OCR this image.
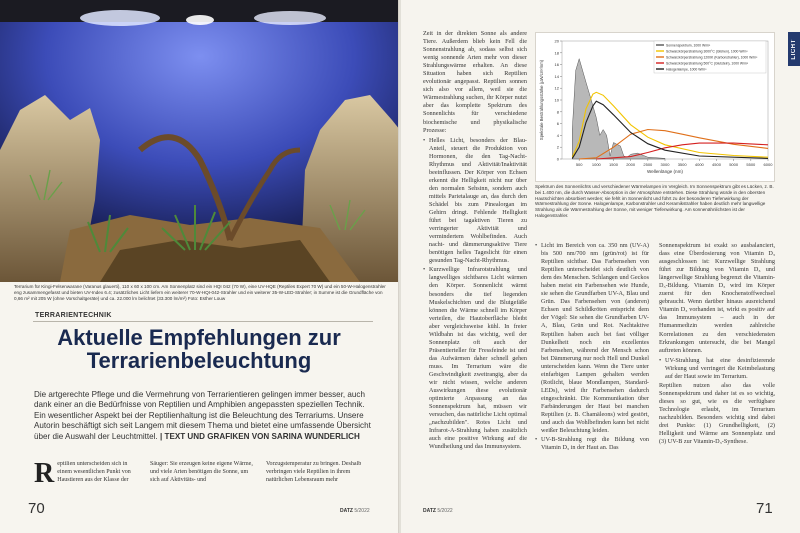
Terrarium für Kingi-Felsenwarane (Varanus glauerti), 110 x 60 x 100 cm. Am Sonnenplatz sind ein HQI 042 (70 W), eine UV-HQE (Reptiles Expert 70 W) und ein 50-W-Halogenstrahler eng zusammengefasst und bieten UV-Index 6.4; zusätzliches Licht liefern ein weiterer 70-W-HQI-042-Strahler und ein weiterer 35-W-LED-Strahler; in Summe ist die Grundfläche von 0,66 m² mit 205 W (ohne Vorschaltgeräte) und ca. 22.000 lm belichtet (33.300 lm/m²) Foto: Esther Louw
TERRARIENTECHNIK
Aktuelle Empfehlungen zur Terrarienbeleuchtung

Die artgerechte Pflege und die Vermehrung von Terrarientieren gelingen immer besser, auch dank einer an die Bedürfnisse von Reptilien und Amphibien angepassten speziellen Technik. Ein wesentlicher Aspekt bei der Reptilienhaltung ist die Beleuchtung des Terrariums. Unsere Autorin beschäftigt sich seit Langem mit diesem Thema und bietet eine umfassende Übersicht über die Auswahl der Leuchtmittel. | TEXT UND GRAFIKEN VON SARINA WUNDERLICH

R eptilien unterscheiden sich in einem wesentlichen Punkt von Haustieren aus der Klasse der
Säuger: Sie erzeugen keine eigene Wärme, und viele Arten benötigen die Sonne, um sich auf Aktivitäts- und
Vorzugstemperatur zu bringen. Deshalb verbringen viele Reptilien in ihrem natürlichen Lebensraum mehr
70	DATZ 5/2022
LICHT

Zeit in der direkten Sonne als andere Tiere. Außerdem blieb kein Fell die Sonnenstrahlung ab, sodass selbst sich wenig sonnende Arten mehr von dieser Strahlungswärme erhalten. An diese Situation haben sich Reptilien evolutionär angepasst. Reptilien sonnen sich also vor allem, weil sie die Wärmestrahlung suchen, ihr Körper nutzt aber das komplette Spektrum des Sonnenlichts für verschiedene biochemische und physikalische Prozesse:

• Helles Licht, besonders der Blau-Anteil, steuert die Produktion von Hormonen, die den Tag-Nacht-Rhythmus und Aktivität/Inaktivität beeinflussen. Der Körper von Echsen erkennt die Helligkeit nicht nur über den normalen Sehsinn, sondern auch mittels Parietalauge an, das durch den Schädel bis zum Pinealorgan im Gehirn dringt. Fehlende Helligkeit führt bei tagaktiven Tieren zu verringerter Aktivität und vermindertem Wohlbefinden. Auch nacht- und dämmerungsaktive Tiere benötigen helles Tageslicht für einen gesunden Tag-Nacht-Rhythmus.
• Kurzwellige Infrarotstrahlung und langwelliges sichtbares Licht wärmen den Körper. Sonnenlicht wärmt besonders die tief liegenden Muskelschichten und die Blutgefäße können die Wärme schnell im Körper verteilen, die Hautoberfläche bleibt aber vergleichsweise kühl. In freier Wildbahn ist das wichtig, weil der Sonnenplatz oft auch der Präsentierteller für Fressfeinde ist und das Aufwärmen daher schnell gehen muss. Im Terrarium wäre die Geschwindigkeit zweitrangig, aber da wir nicht wissen, welche anderen Auswirkungen diese evolutionär optimierte Anpassung an das Sonnenspektrum hat, müssen wir versuchen, das natürliche Licht optimal „nachzubilden". Rotes Licht und Infrarot-A-Strahlung haben zusätzlich auch eine positive Wirkung auf die Wundheilung und das Immunsystem.
0
2
4
6
8
10
12
14
16
18
20
500 1000 1500 2000 2500 3000 3500 4000 4500 5000 5500 6000
Wellenlänge (nm)
Spektrale Bestrahlungsstärke (µW/cm²/nm)
Sonnenspektrum, 1000 W/m²
Schwarzkörperstrahlung 3000°C (Glühen), 1000 W/m²
Schwarzkörperstrahlung 1200K (Karbonstrahler), 1000 W/m²
Schwarzkörperstrahlung 500°C (Glutstein), 1000 W/m²
Halogenlampe, 1000 W/m²
Spektrum des Sonnenlichts und verschiedener Wärmelampen im Vergleich. Im Sonnenspektrum gibt es Lücken, z. B. bei 1.400 nm, die durch Wasser-Absorption in der Atmosphäre entstehen. Diese Strahlung würde in den obersten Hautschichten absorbiert werden; sie fehlt im Sonnenlicht und führt zu der besonderen Tiefenwirkung der Wärmestrahlung der Sonne. Halogenlampe, Karbonstrahler und Keramikstrahler haben deutlich mehr langwellige Strahlung als die Wärmestrahlung der Sonne, mit weniger Tiefenwirkung. Am sonnenähnlichsten ist der Halogenstrahler.
• Licht im Bereich von ca. 350 nm (UV-A) bis 500 nm/700 nm (grün/rot) ist für Reptilien sichtbar. Das Farbensehen von Reptilien unterscheidet sich deutlich von dem des Menschen. Schlangen und Geckos haben meist ein Farbensehen wie Hunde, sie sehen die Grundfarben UV-A, Blau und Grün. Das Farbensehen von (anderen) Echsen und Schildkröten entspricht dem der Vögel: Sie sehen die Grundfarben UV-A, Blau, Grün und Rot. Nachtaktive Reptilien haben auch bei fast völliger Dunkelheit noch ein exzellentes Farbensehen, während der Mensch schon bei Dämmerung nur noch Hell und Dunkel unterscheiden kann. Wenn die Tiere unter einfarbigen Lampen gehalten werden (Rotlicht, blaue Mondlampen, Standard-LEDs), wird ihr Farbensehen dadurch eingeschränkt. Die Kommunikation über Farbänderungen der Haut bei manchen Reptilien (z. B. Chamäleons) wird gestört, und auch das Wohlbefinden kann bei nicht weißer Beleuchtung leiden.
• UV-B-Strahlung regt die Bildung von Vitamin D₃ in der Haut an. Das

Sonnenspektrum ist exakt so ausbalanciert, dass eine Überdosierung von Vitamin D₃ ausgeschlossen ist: Kurzwellige Strahlung führt zur Bildung von Vitamin D₃ und längerwellige Strahlung begrenzt die Vitamin-D₃-Bildung. Vitamin D₃ wird im Körper zuerst für den Knochenstoffwechsel gebraucht. Wenn darüber hinaus ausreichend Vitamin D₃ vorhanden ist, wirkt es positiv auf das Immunsystem – auch in der Humanmedizin werden zahlreiche Korrelationen zu den verschiedensten Erkrankungen untersucht, die bei Mangel auftreten können.

• UV-Strahlung hat eine desinfizierende Wirkung und verringert die Keimbelastung auf der Haut sowie im Terrarium.

Reptilien nutzen also das volle Sonnenspektrum und daher ist es so wichtig, dieses so gut, wie es die verfügbare Technologie erlaubt, im Terrarium nachzubilden. Besonders wichtig sind dabei drei Punkte: (1) Grundhelligkeit, (2) Helligkeit und Wärme am Sonnenplatz und (3) UV-B zur Vitamin-D₃-Synthese.

DATZ 5/2022	71
